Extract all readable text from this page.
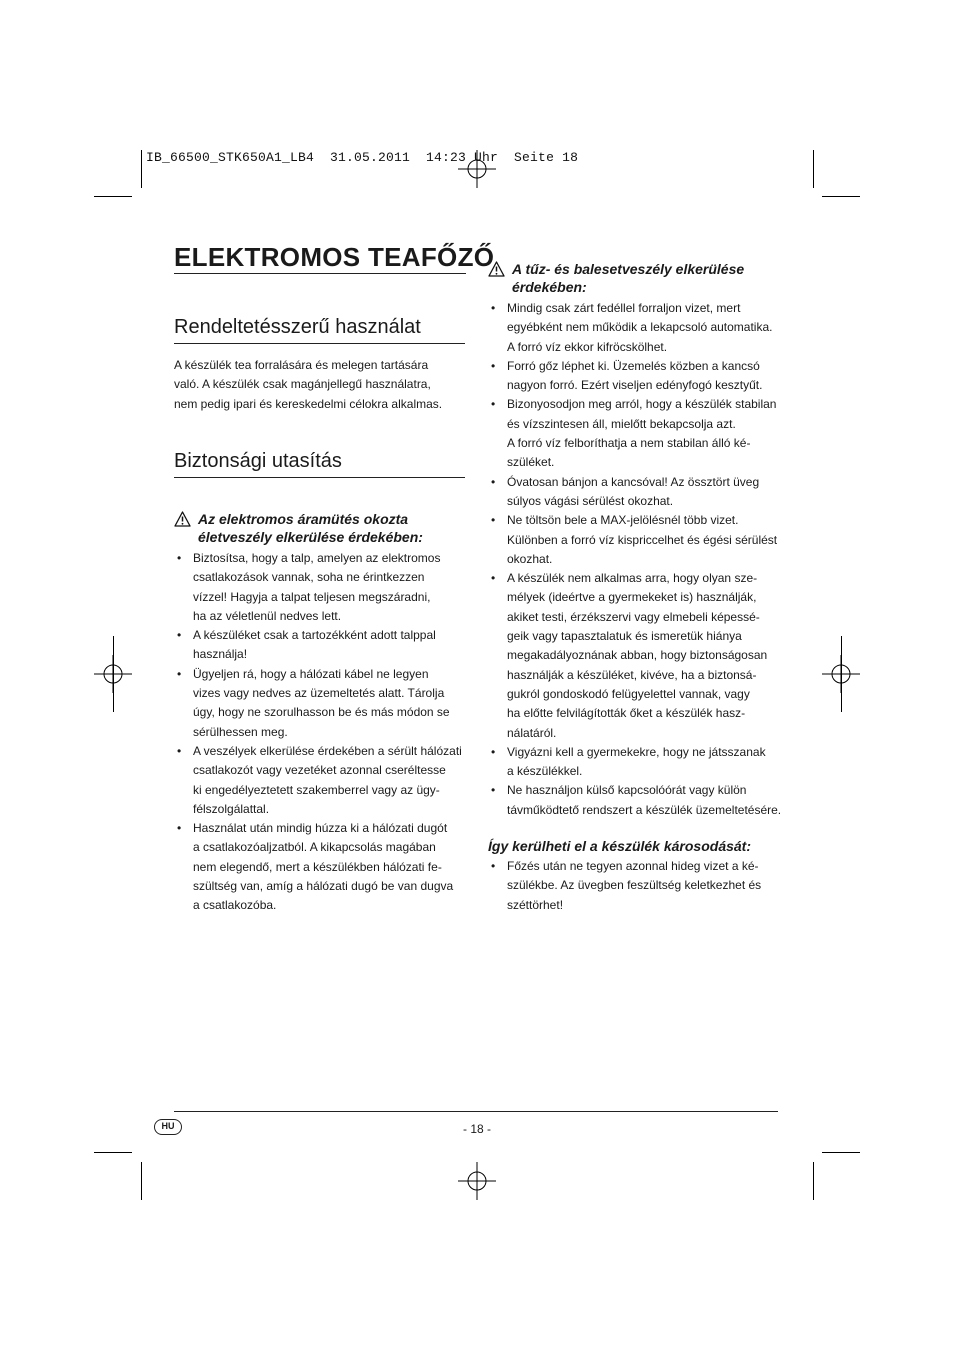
IB_66500_STK650A1_LB4  31.05.2011  14:23 Uhr  Seite 18
ELEKTROMOS TEAFŐZŐ
Rendeltetésszerű használat
A készülék tea forralására és melegen tartására
való. A készülék csak magánjellegű használatra,
nem pedig ipari és kereskedelmi célokra alkalmas.
Biztonsági utasítás
Az elektromos áramütés okozta
életveszély elkerülése érdekében:
• Biztosítsa, hogy a talp, amelyen az elektromos
csatlakozások vannak, soha ne érintkezzen
vízzel! Hagyja a talpat teljesen megszáradni,
ha az véletlenül nedves lett.
• A készüléket csak a tartozékként adott talppal
használja!
• Ügyeljen rá, hogy a hálózati kábel ne legyen
vizes vagy nedves az üzemeltetés alatt. Tárolja
úgy, hogy ne szorulhasson be és más módon se
sérülhessen meg.
• A veszélyek elkerülése érdekében a sérült hálózati
csatlakozót vagy vezetéket azonnal cseréltesse
ki engedélyeztetett szakemberrel vagy az ügy-
félszolgálattal.
• Használat után mindig húzza ki a hálózati dugót
a csatlakozóaljzatból. A kikapcsolás magában
nem elegendő, mert a készülékben hálózati fe-
szültség van, amíg a hálózati dugó be van dugva
a csatlakozóba.
A tűz- és balesetveszély elkerülése
érdekében:
• Mindig csak zárt fedéllel forraljon vizet, mert
egyébként nem működik a lekapcsoló automatika.
A forró víz ekkor kifröcskölhet.
• Forró gőz léphet ki. Üzemelés közben a kancsó
nagyon forró. Ezért viseljen edényfogó kesztyűt.
• Bizonyosodjon meg arról, hogy a készülék stabilan
és vízszintesen áll, mielőtt bekapcsolja azt.
A forró víz felboríthatja a nem stabilan álló ké-
szüléket.
• Óvatosan bánjon a kancsóval! Az össztört üveg
súlyos vágási sérülést okozhat.
• Ne töltsön bele a MAX-jelölésnél több vizet.
Különben a forró víz kispriccelhet és égési sérülést
okozhat.
• A készülék nem alkalmas arra, hogy olyan sze-
mélyek (ideértve a gyermekeket is) használják,
akiket testi, érzékszervi vagy elmebeli képessé-
geik vagy tapasztalatuk és ismeretük hiánya
megakadályoznának abban, hogy biztonságosan
használják a készüléket, kivéve, ha a biztonsá-
gukról gondoskodó felügyelettel vannak, vagy
ha előtte felvilágították őket a készülék hasz-
nálatáról.
• Vigyázni kell a gyermekekre, hogy ne játsszanak
a készülékkel.
• Ne használjon külső kapcsolóórát vagy külön
távműködtető rendszert a készülék üzemeltetésére.
Így kerülheti el a készülék károsodását:
• Főzés után ne tegyen azonnal hideg vizet a ké-
szülékbe. Az üvegben feszültség keletkezhet és
széttörhet!
HU	- 18 -
